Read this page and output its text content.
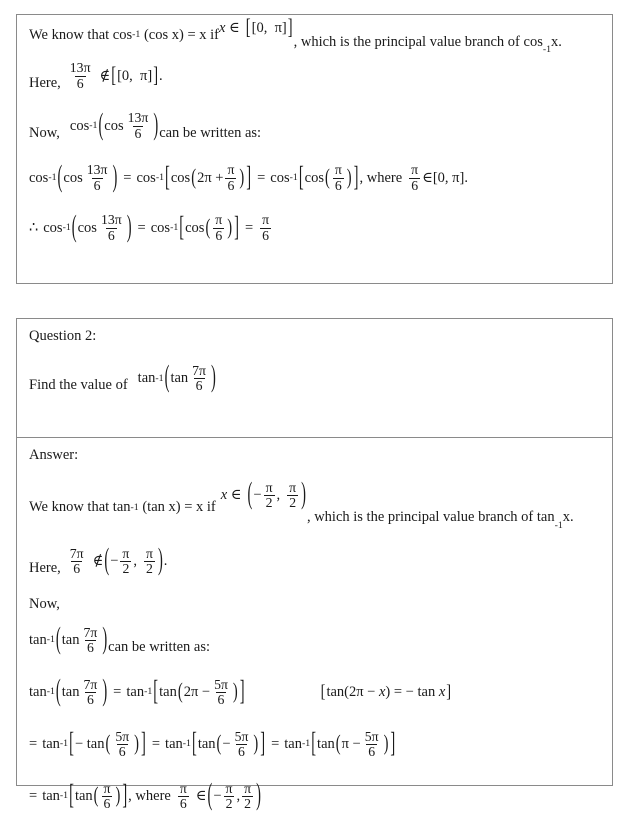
We know that cos -1 (cos x) = x if x ∈ [ [0,  π] ]
, which is the principal value branch of cos
-1
x.
Here, $\frac{13\pi}{6}$ ∉ [ [0,  π] ] .
Now, cos -1 ( $\cos \frac{13\pi}{6}$ ) can be written as:
cos -1 ( $\cos \frac{13\pi}{6}$ ) = cos -1 [ cos ( $2\pi + \frac{\pi}{6}$ ) ] = cos -1 [ cos ( $\frac{\pi}{6}$ ) ] , where $\frac{\pi}{6}$ ∈ [0, π] .
∴ cos -1 ( $\cos \frac{13\pi}{6}$ ) = cos -1 [ cos ( $\frac{\pi}{6}$ ) ] = $\frac{\pi}{6}$
Question 2:
Find the value of tan -1 ( $\tan \frac{7\pi}{6}$ )
Answer:
We know that tan -1 (tan x) = x if
x ∈ ( − $\frac{\pi}{2}$ , $\frac{\pi}{2}$ )
, which is the principal value branch of tan
-1
x.
Here, $\frac{7\pi}{6}$ ∉ ( − $\frac{\pi}{2}$ , $\frac{\pi}{2}$ ) .
Now,
tan -1 ( $\tan \frac{7\pi}{6}$ ) can be written as:
tan -1 ( $\tan \frac{7\pi}{6}$ ) = tan -1 [ tan ( $2\pi - \frac{5\pi}{6}$ ) ]	[ tan (2π − x ) = − tan x ]
= tan -1 [ − tan ( $\frac{5\pi}{6}$ ) ] = tan -1 [ tan ( − $\frac{5\pi}{6}$ ) ] = tan -1 [ tan ( $\pi - \frac{5\pi}{6}$ ) ]
= tan -1 [ tan ( $\frac{\pi}{6}$ ) ] , where $\frac{\pi}{6}$ ∈ ( − $\frac{\pi}{2}$ , $\frac{\pi}{2}$ )
